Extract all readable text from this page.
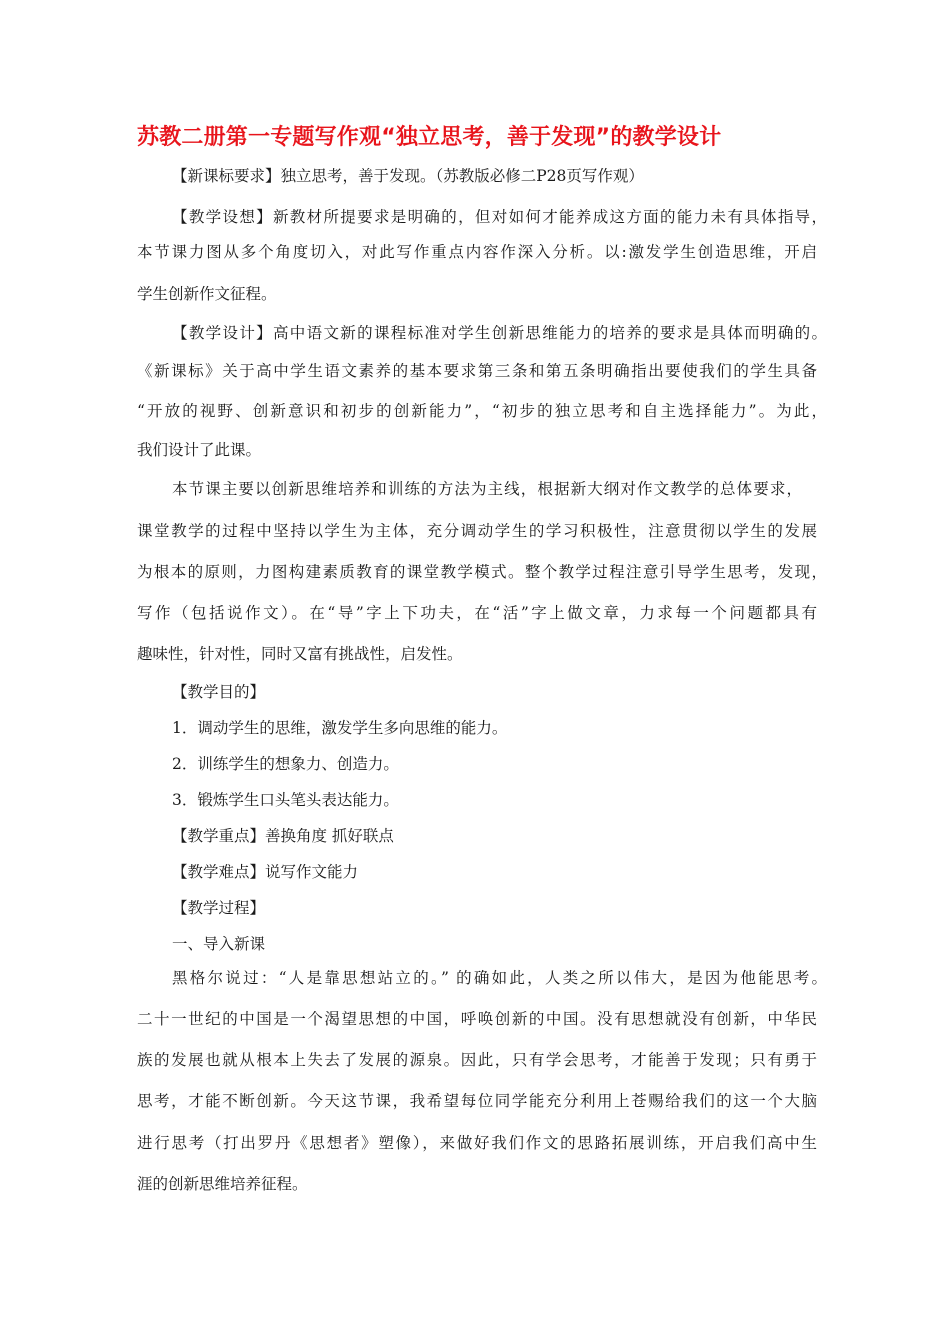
苏教二册第一专题写作观“独立思考，善于发现”的教学设计
【新课标要求】独立思考，善于发现。（苏教版必修二P28页写作观）
【教学设想】新教材所提要求是明确的，但对如何才能养成这方面的能力未有具体指导，
本节课力图从多个角度切入，对此写作重点内容作深入分析。以:激发学生创造思维，开启
学生创新作文征程。
【教学设计】高中语文新的课程标准对学生创新思维能力的培养的要求是具体而明确的。
《新课标》关于高中学生语文素养的基本要求第三条和第五条明确指出要使我们的学生具备
“开放的视野、创新意识和初步的创新能力”，“初步的独立思考和自主选择能力”。为此，
我们设计了此课。
本节课主要以创新思维培养和训练的方法为主线，根据新大纲对作文教学的总体要求，
课堂教学的过程中坚持以学生为主体，充分调动学生的学习积极性，注意贯彻以学生的发展
为根本的原则，力图构建素质教育的课堂教学模式。整个教学过程注意引导学生思考，发现，
写作（包括说作文）。在“导”字上下功夫，在“活”字上做文章，力求每一个问题都具有
趣味性，针对性，同时又富有挑战性，启发性。
【教学目的】
1．调动学生的思维，激发学生多向思维的能力。
2．训练学生的想象力、创造力。
3．锻炼学生口头笔头表达能力。
【教学重点】善换角度 抓好联点
【教学难点】说写作文能力
【教学过程】
一、导入新课
黑格尔说过：“人是靠思想站立的。” 的确如此，人类之所以伟大，是因为他能思考。
二十一世纪的中国是一个渴望思想的中国，呼唤创新的中国。没有思想就没有创新，中华民
族的发展也就从根本上失去了发展的源泉。因此，只有学会思考，才能善于发现；只有勇于
思考，才能不断创新。今天这节课，我希望每位同学能充分利用上苍赐给我们的这一个大脑
进行思考（打出罗丹《思想者》塑像），来做好我们作文的思路拓展训练，开启我们高中生
涯的创新思维培养征程。
